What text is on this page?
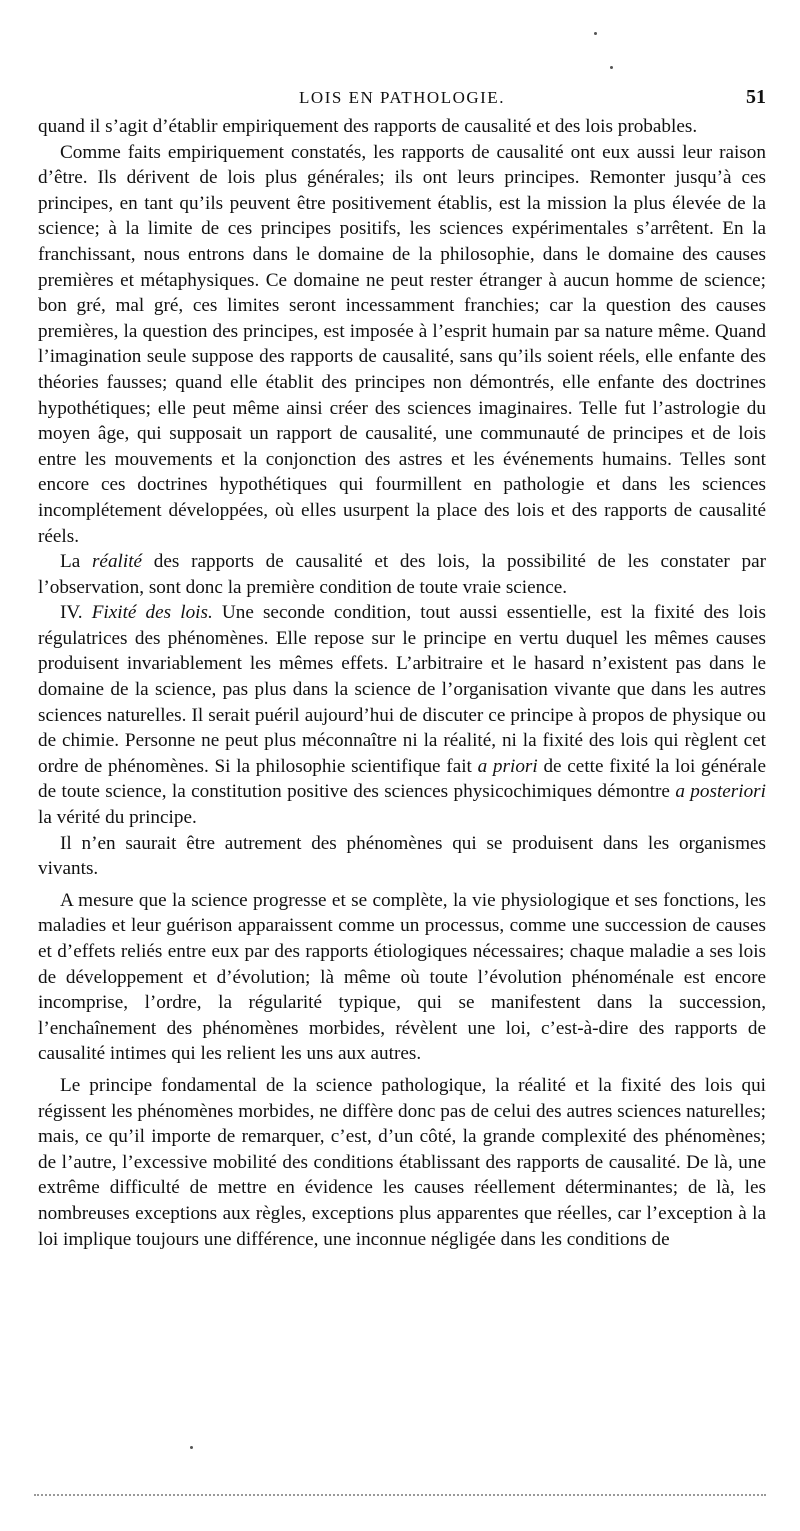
LOIS EN PATHOLOGIE.	51

quand il s’agit d’établir empiriquement des rapports de causalité et des lois probables.

Comme faits empiriquement constatés, les rapports de causalité ont eux aussi leur raison d’être. Ils dérivent de lois plus générales; ils ont leurs principes. Remonter jusqu’à ces principes, en tant qu’ils peuvent être positivement établis, est la mission la plus élevée de la science; à la limite de ces principes positifs, les sciences expérimentales s’arrêtent. En la franchissant, nous entrons dans le domaine de la philosophie, dans le domaine des causes premières et métaphysiques. Ce domaine ne peut rester étranger à aucun homme de science; bon gré, mal gré, ces limites seront incessamment franchies; car la question des causes premières, la question des principes, est imposée à l’esprit humain par sa nature même. Quand l’imagination seule suppose des rapports de causalité, sans qu’ils soient réels, elle enfante des théories fausses; quand elle établit des principes non démontrés, elle enfante des doctrines hypothétiques; elle peut même ainsi créer des sciences imaginaires. Telle fut l’astrologie du moyen âge, qui supposait un rapport de causalité, une communauté de principes et de lois entre les mouvements et la conjonction des astres et les événements humains. Telles sont encore ces doctrines hypothétiques qui fourmillent en pathologie et dans les sciences incomplétement développées, où elles usurpent la place des lois et des rapports de causalité réels.

La réalité des rapports de causalité et des lois, la possibilité de les constater par l’observation, sont donc la première condition de toute vraie science.

IV. Fixité des lois. Une seconde condition, tout aussi essentielle, est la fixité des lois régulatrices des phénomènes. Elle repose sur le principe en vertu duquel les mêmes causes produisent invariablement les mêmes effets. L’arbitraire et le hasard n’existent pas dans le domaine de la science, pas plus dans la science de l’organisation vivante que dans les autres sciences naturelles. Il serait puéril aujourd’hui de discuter ce principe à propos de physique ou de chimie. Personne ne peut plus méconnaître ni la réalité, ni la fixité des lois qui règlent cet ordre de phénomènes. Si la philosophie scientifique fait a priori de cette fixité la loi générale de toute science, la constitution positive des sciences physicochimiques démontre a posteriori la vérité du principe.

Il n’en saurait être autrement des phénomènes qui se produisent dans les organismes vivants.

A mesure que la science progresse et se complète, la vie physiologique et ses fonctions, les maladies et leur guérison apparaissent comme un processus, comme une succession de causes et d’effets reliés entre eux par des rapports étiologiques nécessaires; chaque maladie a ses lois de développement et d’évolution; là même où toute l’évolution phénoménale est encore incomprise, l’ordre, la régularité typique, qui se manifestent dans la succession, l’enchaînement des phénomènes morbides, révèlent une loi, c’est-à-dire des rapports de causalité intimes qui les relient les uns aux autres.

Le principe fondamental de la science pathologique, la réalité et la fixité des lois qui régissent les phénomènes morbides, ne diffère donc pas de celui des autres sciences naturelles; mais, ce qu’il importe de remarquer, c’est, d’un côté, la grande complexité des phénomènes; de l’autre, l’excessive mobilité des conditions établissant des rapports de causalité. De là, une extrême difficulté de mettre en évidence les causes réellement déterminantes; de là, les nombreuses exceptions aux règles, exceptions plus apparentes que réelles, car l’exception à la loi implique toujours une différence, une inconnue négligée dans les conditions de
